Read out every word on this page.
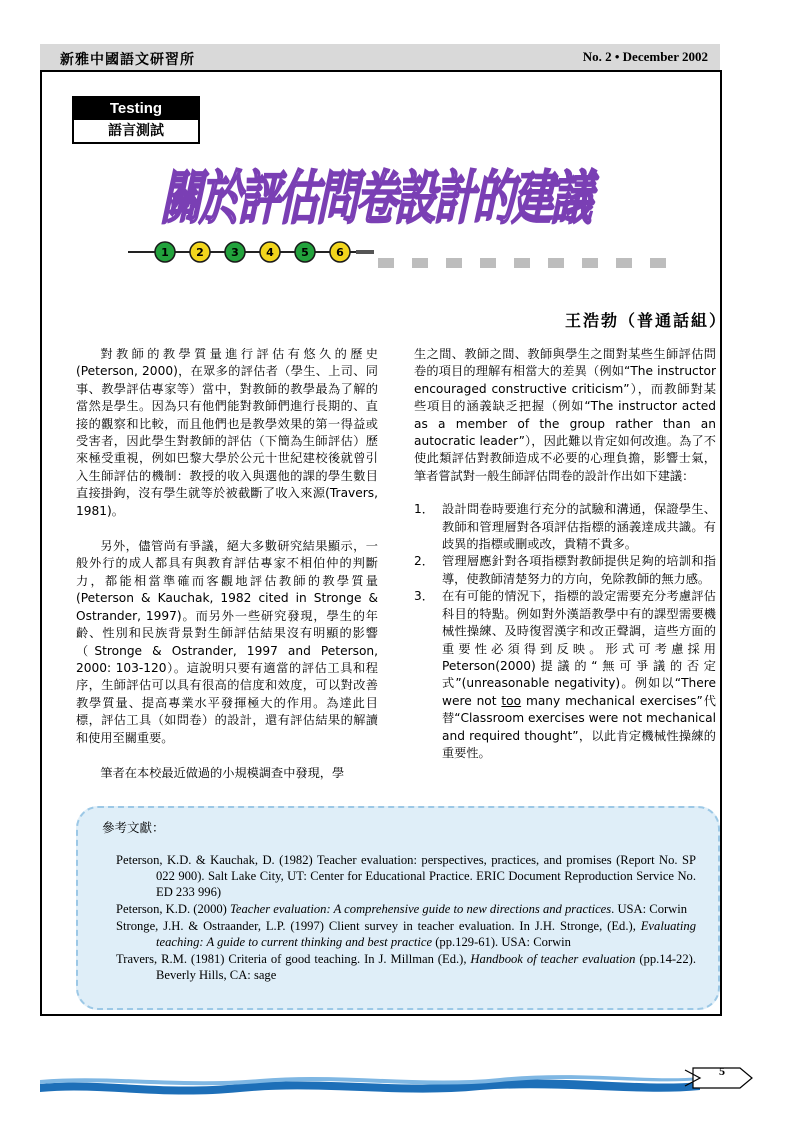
新雅中國語文研習所	No. 2 • December 2002
Testing
語言測試
關於評估問卷設計的建議
1 2 3 4 5 6
王浩勃（普通話組）

對教師的教學質量進行評估有悠久的歷史(Peterson, 2000)，在眾多的評估者（學生、上司、同事、教學評估專家等）當中，對教師的教學最為了解的當然是學生。因為只有他們能對教師們進行長期的、直接的觀察和比較，而且他們也是教學效果的第一得益或受害者，因此學生對教師的評估（下簡為生師評估）歷來極受重視，例如巴黎大學於公元十世紀建校後就曾引入生師評估的機制：教授的收入與選他的課的學生數目直接掛鉤，沒有學生就等於被截斷了收入來源(Travers, 1981)。

另外，儘管尚有爭議，絕大多數研究結果顯示，一般外行的成人都具有與教育評估專家不相伯仲的判斷力，都能相當準確而客觀地評估教師的教學質量(Peterson & Kauchak, 1982 cited in Stronge & Ostrander, 1997)。而另外一些研究發現，學生的年齡、性別和民族背景對生師評估結果沒有明顯的影響（Stronge & Ostrander, 1997 and Peterson, 2000: 103-120）。這說明只要有適當的評估工具和程序，生師評估可以具有很高的信度和效度，可以對改善教學質量、提高專業水平發揮極大的作用。為達此目標，評估工具（如問卷）的設計，還有評估結果的解讀和使用至關重要。

筆者在本校最近做過的小規模調查中發現，學

生之間、教師之間、教師與學生之間對某些生師評估問卷的項目的理解有相當大的差異（例如“The instructor encouraged constructive criticism”），而教師對某些項目的涵義缺乏把握（例如“The instructor acted as a member of the group rather than an autocratic leader”），因此難以肯定如何改進。為了不使此類評估對教師造成不必要的心理負擔，影響士氣，筆者嘗試對一般生師評估問卷的設計作出如下建議：

1． 設計問卷時要進行充分的試驗和溝通，保證學生、教師和管理層對各項評估指標的涵義達成共識。有歧異的指標或刪或改，貴精不貴多。
2． 管理層應針對各項指標對教師提供足夠的培訓和指導，使教師清楚努力的方向，免除教師的無力感。
3． 在有可能的情況下，指標的設定需要充分考慮評估科目的特點。例如對外漢語教學中有的課型需要機械性操練、及時復習漢字和改正聲調，這些方面的重要性必須得到反映。形式可考慮採用 Peterson(2000)提議的“無可爭議的否定式”(unreasonable negativity)。例如以“There were not too many mechanical exercises”代替“Classroom exercises were not mechanical and required thought”，以此肯定機械性操練的重要性。
參考文獻：
Peterson, K.D. & Kauchak, D. (1982) Teacher evaluation: perspectives, practices, and promises (Report No. SP 022 900). Salt Lake City, UT: Center for Educational Practice. ERIC Document Reproduction Service No. ED 233 996)
Peterson, K.D. (2000) Teacher evaluation: A comprehensive guide to new directions and practices. USA: Corwin
Stronge, J.H. & Ostraander, L.P. (1997) Client survey in teacher evaluation. In J.H. Stronge, (Ed.), Evaluating teaching: A guide to current thinking and best practice (pp.129-61). USA: Corwin
Travers, R.M. (1981) Criteria of good teaching. In J. Millman (Ed.), Handbook of teacher evaluation (pp.14-22). Beverly Hills, CA: sage
5
